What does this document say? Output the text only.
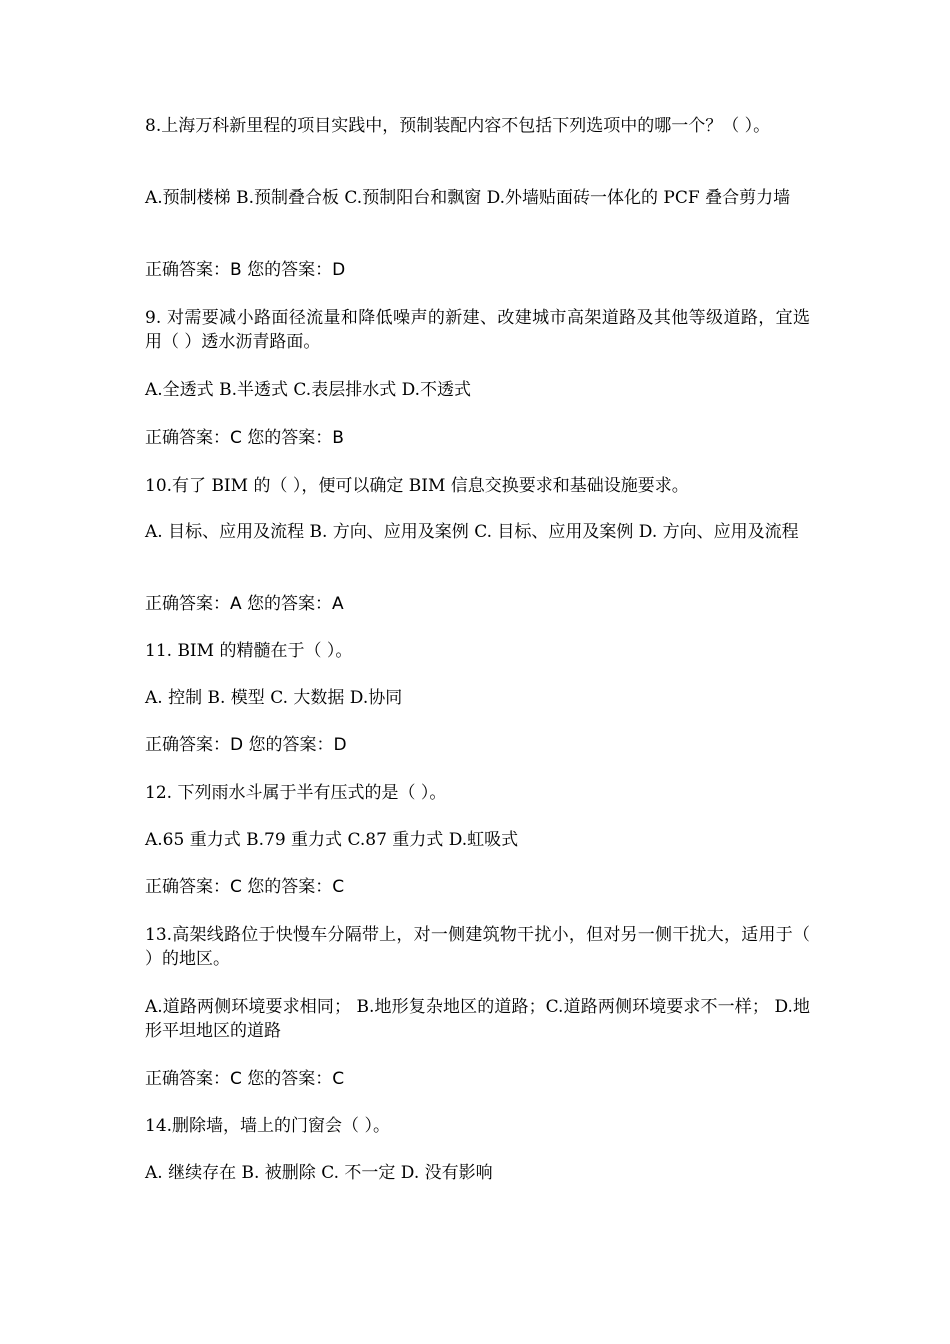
8.上海万科新里程的项目实践中，预制装配内容不包括下列选项中的哪一个？（ ）。
A.预制楼梯 B.预制叠合板 C.预制阳台和飘窗 D.外墙贴面砖一体化的 PCF 叠合剪力墙
正确答案：B 您的答案：D
9. 对需要减小路面径流量和降低噪声的新建、改建城市高架道路及其他等级道路，宜选用（ ）透水沥青路面。
A.全透式 B.半透式 C.表层排水式 D.不透式
正确答案：C 您的答案：B
10.有了 BIM 的（ ），便可以确定 BIM 信息交换要求和基础设施要求。
A. 目标、应用及流程 B. 方向、应用及案例 C. 目标、应用及案例 D. 方向、应用及流程
正确答案：A 您的答案：A
11. BIM 的精髓在于（ ）。
A. 控制 B. 模型 C. 大数据 D.协同
正确答案：D 您的答案：D
12. 下列雨水斗属于半有压式的是（ ）。
A.65 重力式 B.79 重力式 C.87 重力式 D.虹吸式
正确答案：C 您的答案：C
13.高架线路位于快慢车分隔带上，对一侧建筑物干扰小，但对另一侧干扰大，适用于（ ）的地区。
A.道路两侧环境要求相同； B.地形复杂地区的道路；C.道路两侧环境要求不一样； D.地形平坦地区的道路
正确答案：C 您的答案：C
14.删除墙，墙上的门窗会（ ）。
A. 继续存在 B. 被删除 C. 不一定 D. 没有影响
